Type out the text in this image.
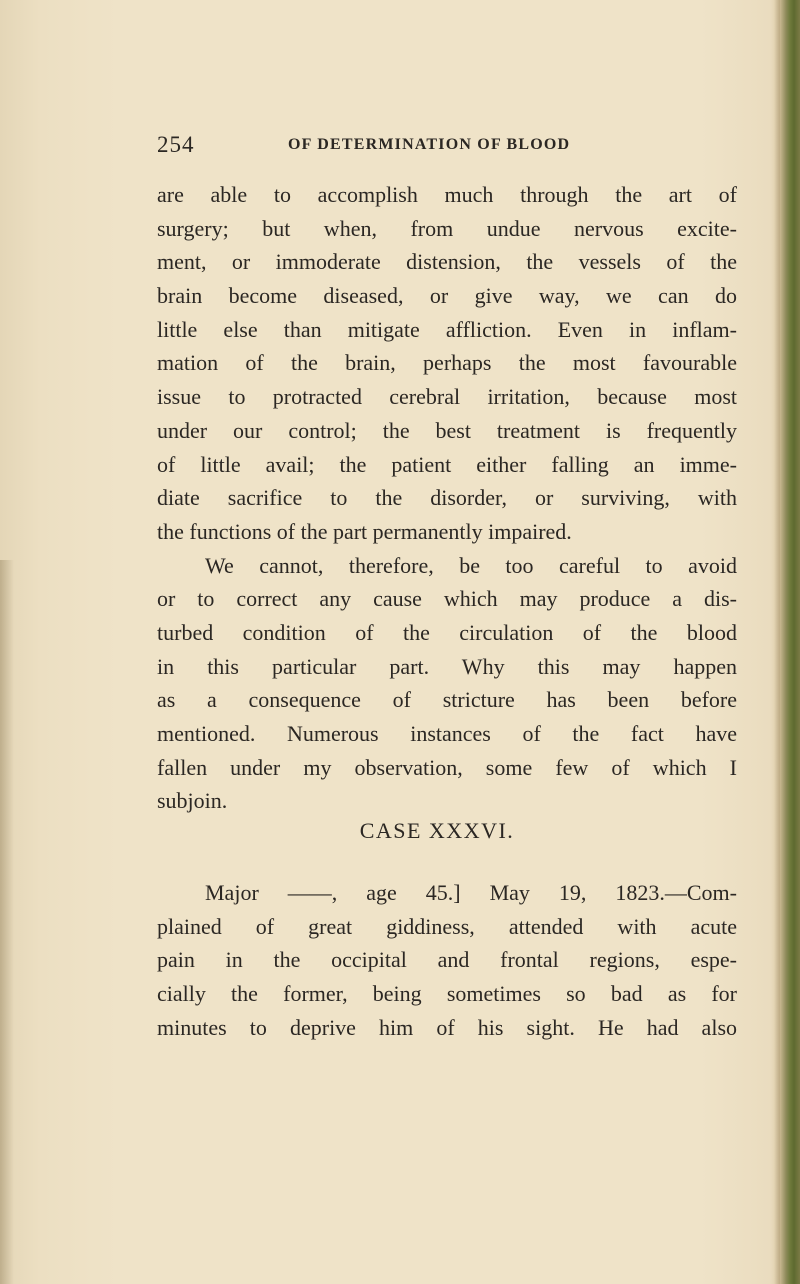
254	OF DETERMINATION OF BLOOD
are able to accomplish much through the art of
surgery; but when, from undue nervous excite-
ment, or immoderate distension, the vessels of the
brain become diseased, or give way, we can do
little else than mitigate affliction. Even in inflam-
mation of the brain, perhaps the most favourable
issue to protracted cerebral irritation, because most
under our control; the best treatment is frequently
of little avail; the patient either falling an imme-
diate sacrifice to the disorder, or surviving, with
the functions of the part permanently impaired.
We cannot, therefore, be too careful to avoid
or to correct any cause which may produce a dis-
turbed condition of the circulation of the blood
in this particular part. Why this may happen
as a consequence of stricture has been before
mentioned. Numerous instances of the fact have
fallen under my observation, some few of which I
subjoin.
CASE XXXVI.
Major ——, age 45.] May 19, 1823.—Com-
plained of great giddiness, attended with acute
pain in the occipital and frontal regions, espe-
cially the former, being sometimes so bad as for
minutes to deprive him of his sight. He had also
